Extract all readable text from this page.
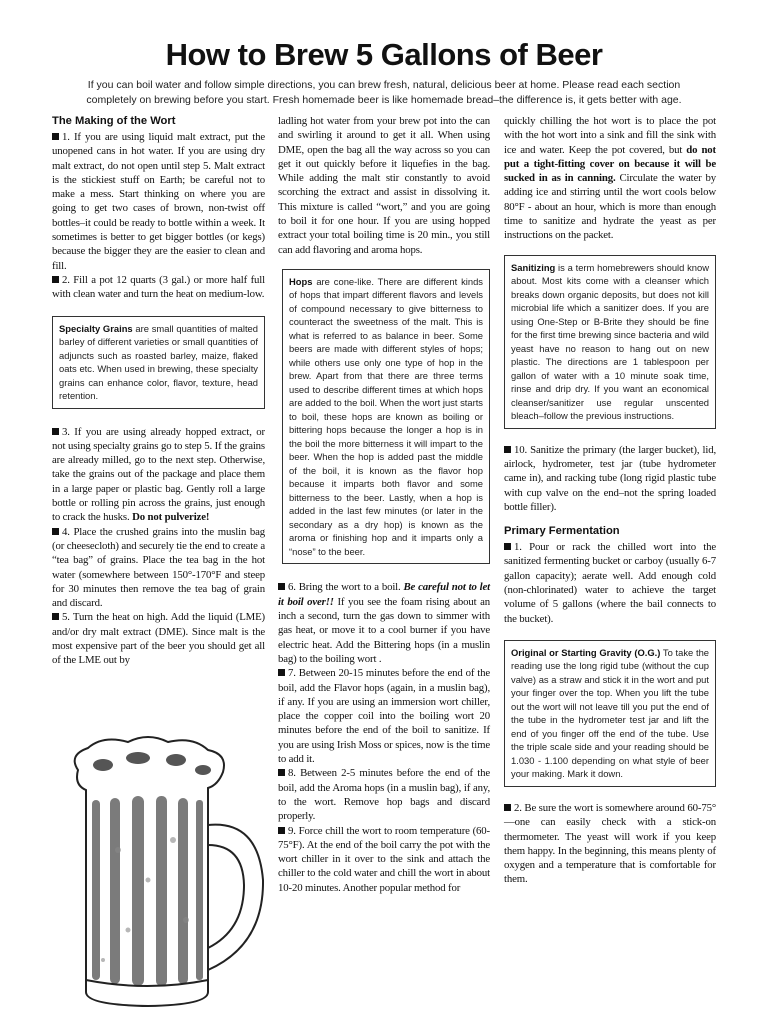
How to Brew 5 Gallons of Beer
If you can boil water and follow simple directions, you can brew fresh, natural, delicious beer at home. Please read each section completely on brewing before you start. Fresh homemade beer is like homemade bread–the difference is, it gets better with age.
The Making of the Wort

1. If you are using liquid malt extract, put the unopened cans in hot water. If you are using dry malt extract, do not open until step 5. Malt extract is the stickiest stuff on Earth; be careful not to make a mess. Start thinking on where you are going to get two cases of brown, non-twist off bottles–it could be ready to bottle within a week. It sometimes is better to get bigger bottles (or kegs) because the bigger they are the easier to clean and fill.

2. Fill a pot 12 quarts (3 gal.) or more half full with clean water and turn the heat on medium-low.

Specialty Grains are small quantities of malted barley of different varieties or small quantities of adjuncts such as roasted barley, maize, flaked oats etc. When used in brewing, these specialty grains can enhance color, flavor, texture, head retention.

3. If you are using already hopped extract, or not using specialty grains go to step 5. If the grains are already milled, go to the next step. Otherwise, take the grains out of the package and place them in a large paper or plastic bag. Gently roll a large bottle or rolling pin across the grains, just enough to crack the husks. Do not pulverize!

4. Place the crushed grains into the muslin bag (or cheesecloth) and securely tie the end to create a “tea bag” of grains. Place the tea bag in the hot water (somewhere between 150°-170°F and steep for 30 minutes then remove the tea bag of grain and discard.

5. Turn the heat on high. Add the liquid (LME) and/or dry malt extract (DME). Since malt is the most expensive part of the beer you should get all of the LME out by

ladling hot water from your brew pot into the can and swirling it around to get it all. When using DME, open the bag all the way across so you can get it out quickly before it liquefies in the bag. While adding the malt stir constantly to avoid scorching the extract and assist in dissolving it. This mixture is called “wort,” and you are going to boil it for one hour. If you are using hopped extract your total boiling time is 20 min., you still can add flavoring and aroma hops.

Hops are cone-like. There are different kinds of hops that impart different flavors and levels of compound necessary to give bitterness to counteract the sweetness of the malt. This is what is referred to as balance in beer. Some beers are made with different styles of hops; while others use only one type of hop in the brew. Apart from that there are three terms used to describe different times at which hops are added to the boil. When the wort just starts to boil, these hops are known as boiling or bittering hops because the longer a hop is in the boil the more bitterness it will impart to the beer. When the hop is added past the middle of the boil, it is known as the flavor hop because it imparts both flavor and some bitterness to the beer. Lastly, when a hop is added in the last few minutes (or later in the secondary as a dry hop) is known as the aroma or finishing hop and it imparts only a “nose” to the beer.

6. Bring the wort to a boil. Be careful not to let it boil over!! If you see the foam rising about an inch a second, turn the gas down to simmer with gas heat, or move it to a cool burner if you have electric heat. Add the Bittering hops (in a muslin bag) to the boiling wort .

7. Between 20-15 minutes before the end of the boil, add the Flavor hops (again, in a muslin bag), if any. If you are using an immersion wort chiller, place the copper coil into the boiling wort 20 minutes before the end of the boil to sanitize. If you are using Irish Moss or spices, now is the time to add it.

8. Between 2-5 minutes before the end of the boil, add the Aroma hops (in a muslin bag), if any, to the wort. Remove hop bags and discard properly.

9. Force chill the wort to room temperature (60-75°F). At the end of the boil carry the pot with the wort chiller in it over to the sink and attach the chiller to the cold water and chill the wort in about 10-20 minutes. Another popular method for

quickly chilling the hot wort is to place the pot with the hot wort into a sink and fill the sink with ice and water. Keep the pot covered, but do not put a tight-fitting cover on because it will be sucked in as in canning. Circulate the water by adding ice and stirring until the wort cools below 80°F - about an hour, which is more than enough time to sanitize and hydrate the yeast as per instructions on the packet.

Sanitizing is a term homebrewers should know about. Most kits come with a cleanser which breaks down organic deposits, but does not kill microbial life which a sanitizer does. If you are using One-Step or B-Brite they should be fine for the first time brewing since bacteria and wild yeast have no reason to hang out on new plastic. The directions are 1 tablespoon per gallon of water with a 10 minute soak time, rinse and drip dry. If you want an economical cleanser/sanitizer use regular unscented bleach–follow the previous instructions.

10. Sanitize the primary (the larger bucket), lid, airlock, hydrometer, test jar (tube hydrometer came in), and racking tube (long rigid plastic tube with cup valve on the end–not the spring loaded bottle filler).

Primary Fermentation

1. Pour or rack the chilled wort into the sanitized fermenting bucket or carboy (usually 6-7 gallon capacity); aerate well. Add enough cold (non-chlorinated) water to achieve the target volume of 5 gallons (where the bail connects to the bucket).

Original or Starting Gravity (O.G.) To take the reading use the long rigid tube (without the cup valve) as a straw and stick it in the wort and put your finger over the top. When you lift the tube out the wort will not leave till you put the end of the tube in the hydrometer test jar and lift the end of you finger off the end of the tube. Use the triple scale side and your reading should be 1.030 - 1.100 depending on what style of beer your making. Mark it down.

2. Be sure the wort is somewhere around 60-75°—one can easily check with a stick-on thermometer. The yeast will work if you keep them happy. In the beginning, this means plenty of oxygen and a temperature that is comfortable for them.
